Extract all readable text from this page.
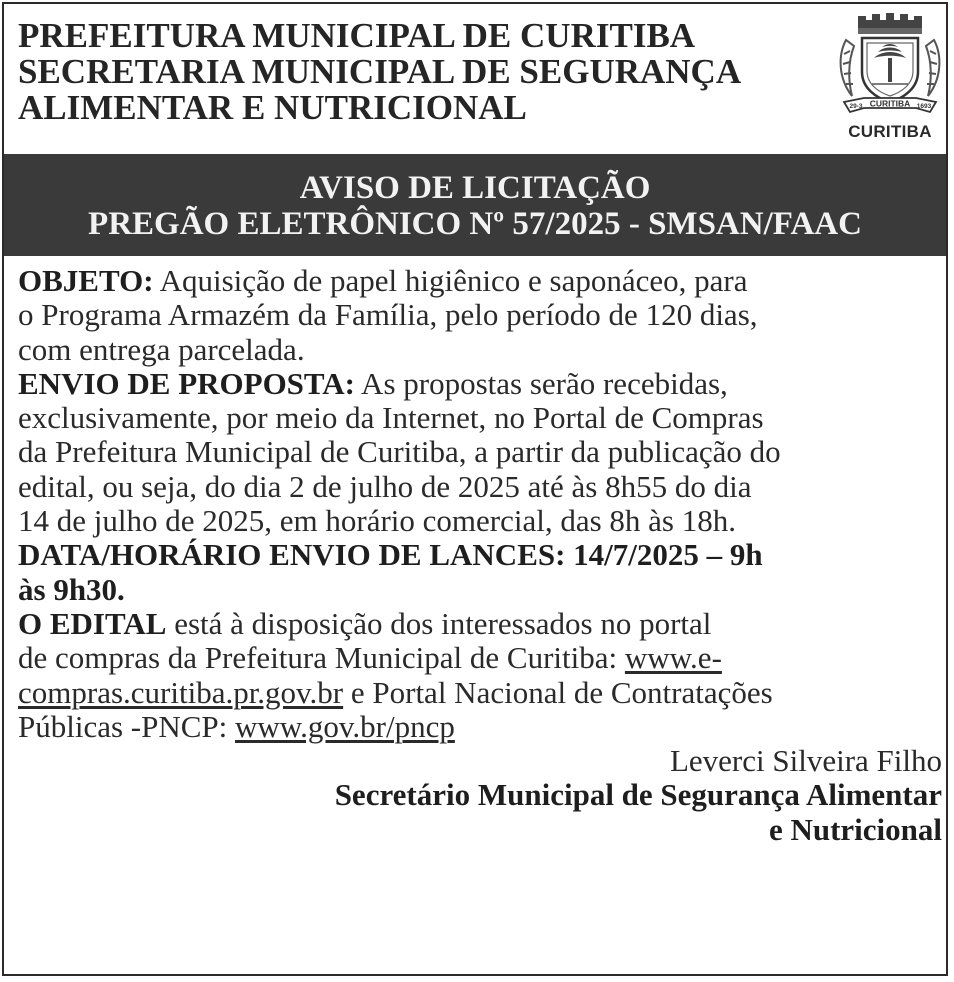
PREFEITURA MUNICIPAL DE CURITIBA
SECRETARIA MUNICIPAL DE SEGURANÇA
ALIMENTAR E NUTRICIONAL	CURITIBA
29-3	1693
CURITIBA
AVISO DE LICITAÇÃO
PREGÃO ELETRÔNICO Nº 57/2025 - SMSAN/FAAC

OBJETO: Aquisição de papel higiênico e saponáceo, para
o Programa Armazém da Família, pelo período de 120 dias,
com entrega parcelada.

ENVIO DE PROPOSTA: As propostas serão recebidas,
exclusivamente, por meio da Internet, no Portal de Compras
da Prefeitura Municipal de Curitiba, a partir da publicação do
edital, ou seja, do dia 2 de julho de 2025 até às 8h55 do dia
14 de julho de 2025, em horário comercial, das 8h às 18h.

DATA/HORÁRIO ENVIO DE LANCES: 14/7/2025 – 9h
às 9h30.

O EDITAL está à disposição dos interessados no portal
de compras da Prefeitura Municipal de Curitiba: www.e-
compras.curitiba.pr.gov.br e Portal Nacional de Contratações
Públicas -PNCP: www.gov.br/pncp

Leverci Silveira Filho

Secretário Municipal de Segurança Alimentar

e Nutricional
